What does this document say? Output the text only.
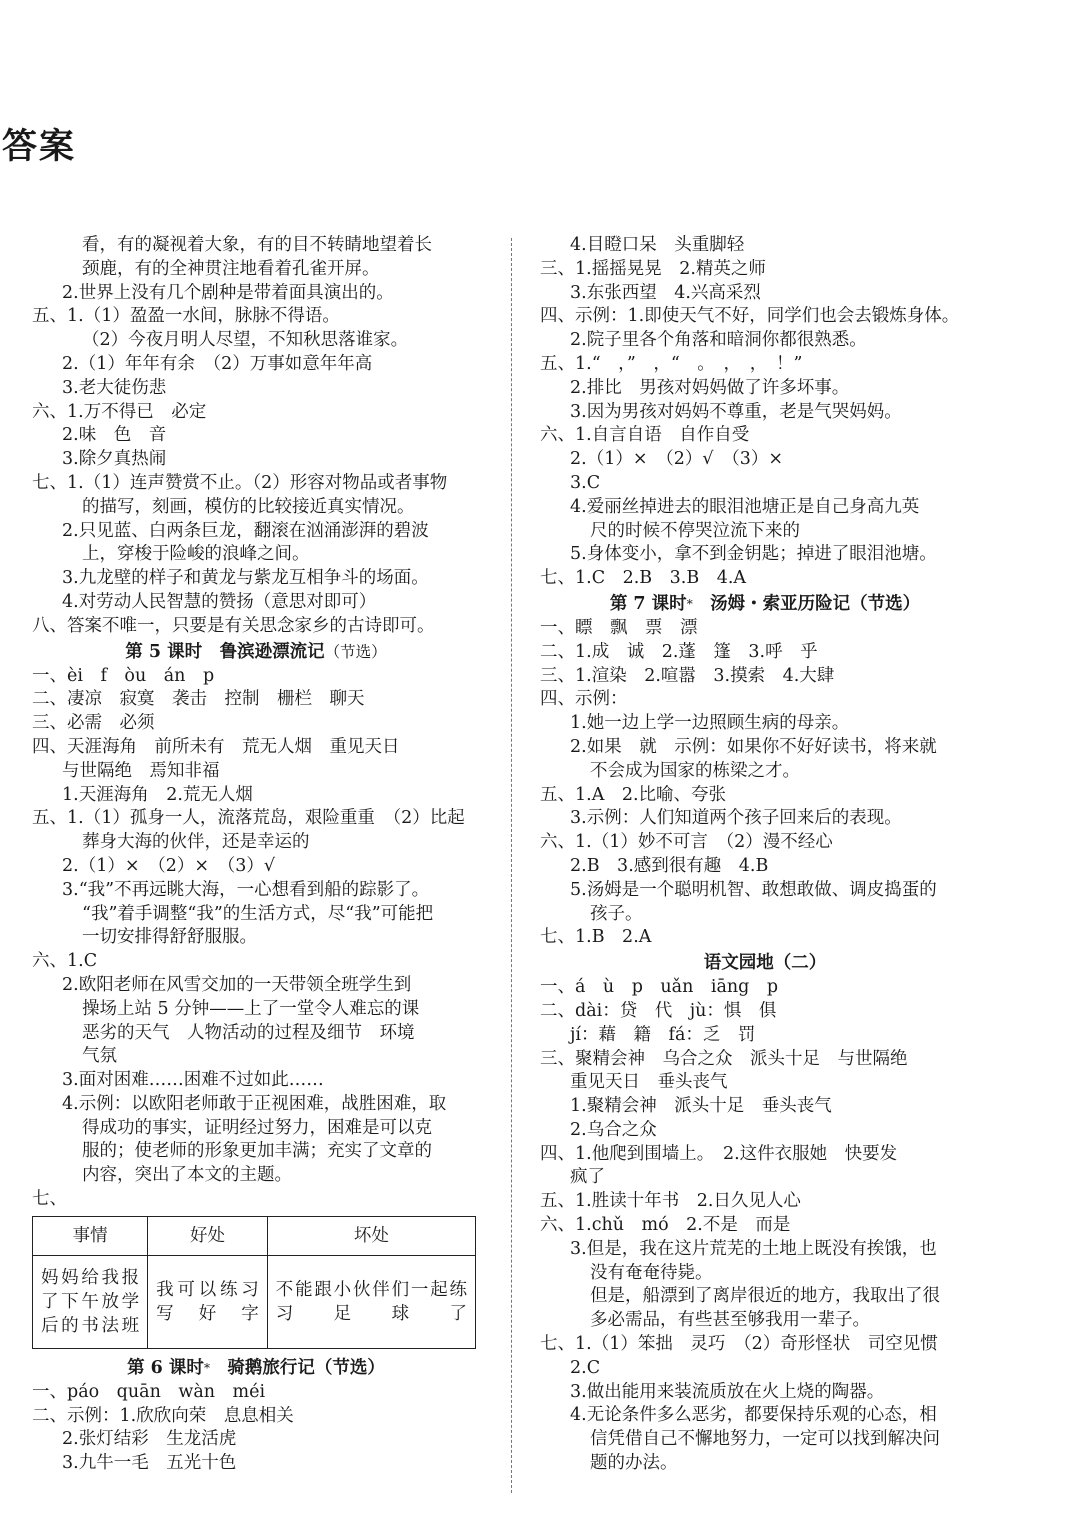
答案
看，有的凝视着大象，有的目不转睛地望着长
颈鹿，有的全神贯注地看着孔雀开屏。
2.世界上没有几个剧种是带着面具演出的。
五、1.（1）盈盈一水间，脉脉不得语。
（2）今夜月明人尽望，不知秋思落谁家。
2.（1）年年有余　（2）万事如意年年高
3.老大徒伤悲
六、1.万不得已　必定
2.味　色　音
3.除夕真热闹
七、1.（1）连声赞赏不止。（2）形容对物品或者事物
的描写，刻画，模仿的比较接近真实情况。
2.只见蓝、白两条巨龙，翻滚在汹涌澎湃的碧波
上，穿梭于险峻的浪峰之间。
3.九龙壁的样子和黄龙与紫龙互相争斗的场面。
4.对劳动人民智慧的赞扬（意思对即可）
八、答案不唯一，只要是有关思念家乡的古诗即可。
第 5 课时　鲁滨逊漂流记（节选）
一、èi　f　òu　án　p
二、凄凉　寂寞　袭击　控制　栅栏　聊天
三、必需　必须
四、天涯海角　前所未有　荒无人烟　重见天日
与世隔绝　焉知非福
1.天涯海角　2.荒无人烟
五、1.（1）孤身一人，流落荒岛，艰险重重　（2）比起
葬身大海的伙伴，还是幸运的
2.（1）×　（2）×　（3）√
3.“我”不再远眺大海，一心想看到船的踪影了。
“我”着手调整“我”的生活方式，尽“我”可能把
一切安排得舒舒服服。
六、1.C
2.欧阳老师在风雪交加的一天带领全班学生到
操场上站 5 分钟——上了一堂令人难忘的课
恶劣的天气　人物活动的过程及细节　环境
气氛
3.面对困难……困难不过如此……
4.示例：以欧阳老师敢于正视困难，战胜困难，取
得成功的事实，证明经过努力，困难是可以克
服的；使老师的形象更加丰满；充实了文章的
内容，突出了本文的主题。
七、
事情	好处	坏处
妈妈给我报了下午放学后的书法班	我可以练习写好字	不能跟小伙伴们一起练习足球了
第 6 课时*　骑鹅旅行记（节选）
一、páo　quān　wàn　méi
二、示例：1.欣欣向荣　息息相关
2.张灯结彩　生龙活虎
3.九牛一毛　五光十色
4.目瞪口呆　头重脚轻
三、1.摇摇晃晃　2.精英之师
3.东张西望　4.兴高采烈
四、示例：1.即使天气不好，同学们也会去锻炼身体。
2.院子里各个角落和暗洞你都很熟悉。
五、1.“　，”　，“　。　，　，　！”
2.排比　男孩对妈妈做了许多坏事。
3.因为男孩对妈妈不尊重，老是气哭妈妈。
六、1.自言自语　自作自受
2.（1）×　（2）√　（3）×
3.C
4.爱丽丝掉进去的眼泪池塘正是自己身高九英
尺的时候不停哭泣流下来的
5.身体变小，拿不到金钥匙；掉进了眼泪池塘。
七、1.C　2.B　3.B　4.A
第 7 课时*　汤姆・索亚历险记（节选）
一、瞟　飘　票　漂
二、1.成　诚　2.蓬　篷　3.呼　乎
三、1.渲染　2.喧嚣　3.摸索　4.大肆
四、示例：
1.她一边上学一边照顾生病的母亲。
2.如果　就　示例：如果你不好好读书，将来就
不会成为国家的栋梁之才。
五、1.A　2.比喻、夸张
3.示例：人们知道两个孩子回来后的表现。
六、1.（1）妙不可言　（2）漫不经心
2.B　3.感到很有趣　4.B
5.汤姆是一个聪明机智、敢想敢做、调皮捣蛋的
孩子。
七、1.B　2.A
语文园地（二）
一、á　ù　p　uǎn　iāng　p
二、dài：贷　代　jù：惧　俱
jí：藉　籍　fá：乏　罚
三、聚精会神　乌合之众　派头十足　与世隔绝
重见天日　垂头丧气
1.聚精会神　派头十足　垂头丧气
2.乌合之众
四、1.他爬到围墙上。　2.这件衣服她　快要发
疯了
五、1.胜读十年书　2.日久见人心
六、1.chǔ　mó　2.不是　而是
3.但是，我在这片荒芜的土地上既没有挨饿，也
没有奄奄待毙。
但是，船漂到了离岸很近的地方，我取出了很
多必需品，有些甚至够我用一辈子。
七、1.（1）笨拙　灵巧　（2）奇形怪状　司空见惯
2.C
3.做出能用来装流质放在火上烧的陶器。
4.无论条件多么恶劣，都要保持乐观的心态，相
信凭借自己不懈地努力，一定可以找到解决问
题的办法。
